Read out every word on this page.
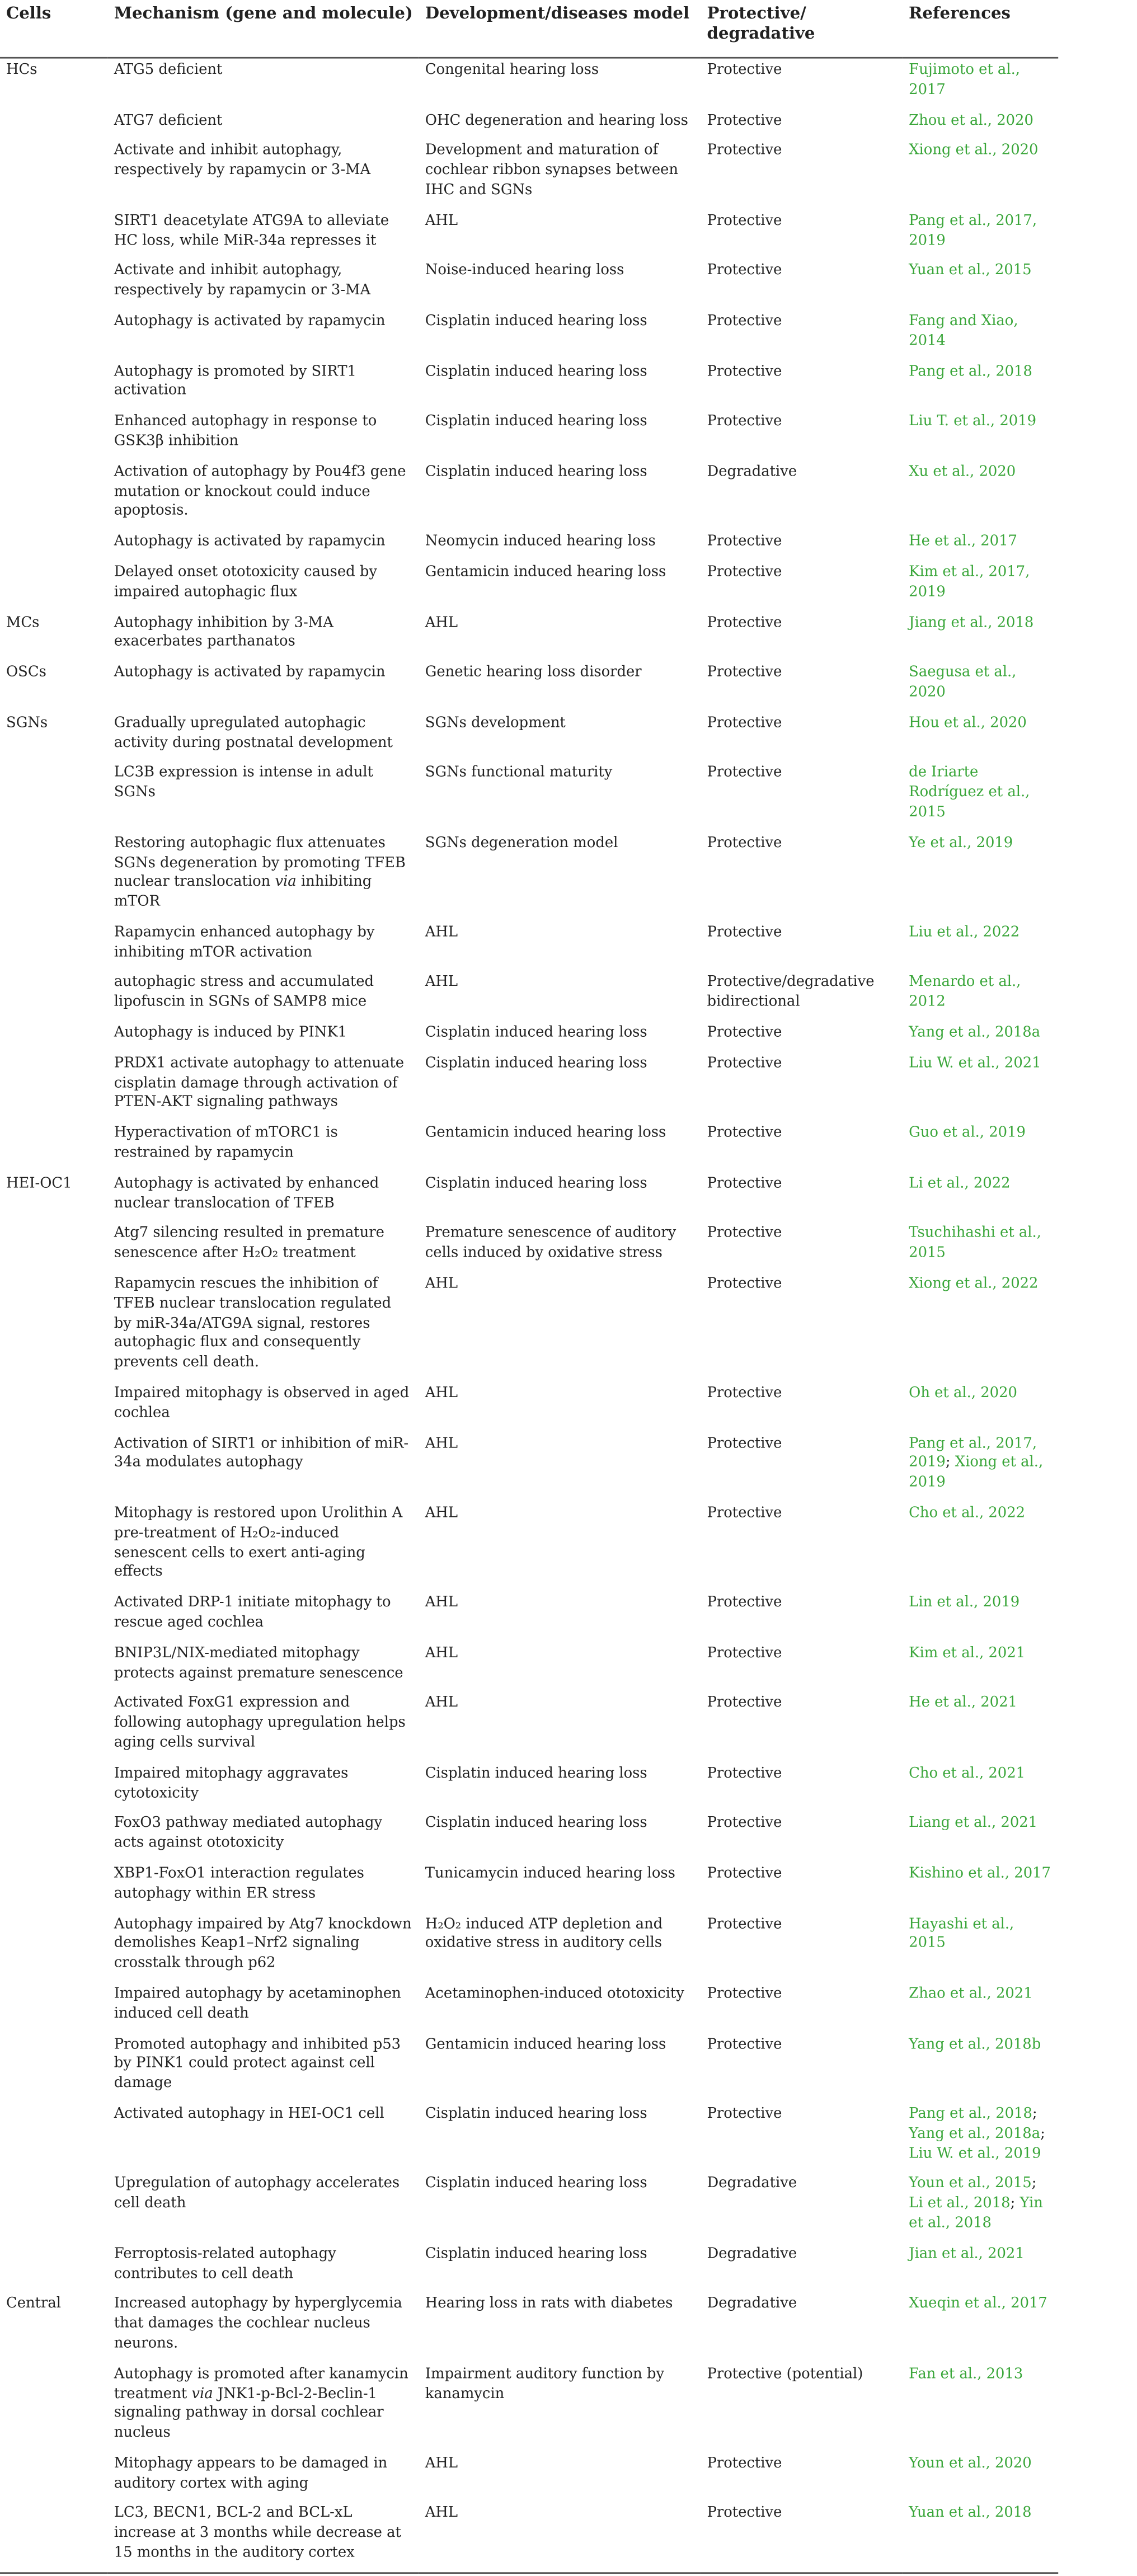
Cells	Mechanism (gene and molecule)	Development/diseases model	Protective/ degradative	References
HCs	ATG5 deficient	Congenital hearing loss	Protective	Fujimoto et al., 2017
	ATG7 deficient	OHC degeneration and hearing loss	Protective	Zhou et al., 2020
	Activate and inhibit autophagy, respectively by rapamycin or 3-MA	Development and maturation of cochlear ribbon synapses between IHC and SGNs	Protective	Xiong et al., 2020
	SIRT1 deacetylate ATG9A to alleviate HC loss, while MiR-34a represses it	AHL	Protective	Pang et al., 2017, 2019
	Activate and inhibit autophagy, respectively by rapamycin or 3-MA	Noise-induced hearing loss	Protective	Yuan et al., 2015
	Autophagy is activated by rapamycin	Cisplatin induced hearing loss	Protective	Fang and Xiao, 2014
	Autophagy is promoted by SIRT1 activation	Cisplatin induced hearing loss	Protective	Pang et al., 2018
	Enhanced autophagy in response to GSK3β inhibition	Cisplatin induced hearing loss	Protective	Liu T. et al., 2019
	Activation of autophagy by Pou4f3 gene mutation or knockout could induce apoptosis.	Cisplatin induced hearing loss	Degradative	Xu et al., 2020
	Autophagy is activated by rapamycin	Neomycin induced hearing loss	Protective	He et al., 2017
	Delayed onset ototoxicity caused by impaired autophagic flux	Gentamicin induced hearing loss	Protective	Kim et al., 2017, 2019
MCs	Autophagy inhibition by 3-MA exacerbates parthanatos	AHL	Protective	Jiang et al., 2018
OSCs	Autophagy is activated by rapamycin	Genetic hearing loss disorder	Protective	Saegusa et al., 2020
SGNs	Gradually upregulated autophagic activity during postnatal development	SGNs development	Protective	Hou et al., 2020
	LC3B expression is intense in adult SGNs	SGNs functional maturity	Protective	de Iriarte Rodríguez et al., 2015
	Restoring autophagic flux attenuates SGNs degeneration by promoting TFEB nuclear translocation via inhibiting mTOR	SGNs degeneration model	Protective	Ye et al., 2019
	Rapamycin enhanced autophagy by inhibiting mTOR activation	AHL	Protective	Liu et al., 2022
	autophagic stress and accumulated lipofuscin in SGNs of SAMP8 mice	AHL	Protective/degradative bidirectional	Menardo et al., 2012
	Autophagy is induced by PINK1	Cisplatin induced hearing loss	Protective	Yang et al., 2018a
	PRDX1 activate autophagy to attenuate cisplatin damage through activation of PTEN-AKT signaling pathways	Cisplatin induced hearing loss	Protective	Liu W. et al., 2021
	Hyperactivation of mTORC1 is restrained by rapamycin	Gentamicin induced hearing loss	Protective	Guo et al., 2019
HEI-OC1	Autophagy is activated by enhanced nuclear translocation of TFEB	Cisplatin induced hearing loss	Protective	Li et al., 2022
	Atg7 silencing resulted in premature senescence after H₂O₂ treatment	Premature senescence of auditory cells induced by oxidative stress	Protective	Tsuchihashi et al., 2015
	Rapamycin rescues the inhibition of TFEB nuclear translocation regulated by miR-34a/ATG9A signal, restores autophagic flux and consequently prevents cell death.	AHL	Protective	Xiong et al., 2022
	Impaired mitophagy is observed in aged cochlea	AHL	Protective	Oh et al., 2020
	Activation of SIRT1 or inhibition of miR-34a modulates autophagy	AHL	Protective	Pang et al., 2017, 2019; Xiong et al., 2019
	Mitophagy is restored upon Urolithin A pre-treatment of H₂O₂-induced senescent cells to exert anti-aging effects	AHL	Protective	Cho et al., 2022
	Activated DRP-1 initiate mitophagy to rescue aged cochlea	AHL	Protective	Lin et al., 2019
	BNIP3L/NIX-mediated mitophagy protects against premature senescence	AHL	Protective	Kim et al., 2021
	Activated FoxG1 expression and following autophagy upregulation helps aging cells survival	AHL	Protective	He et al., 2021
	Impaired mitophagy aggravates cytotoxicity	Cisplatin induced hearing loss	Protective	Cho et al., 2021
	FoxO3 pathway mediated autophagy acts against ototoxicity	Cisplatin induced hearing loss	Protective	Liang et al., 2021
	XBP1-FoxO1 interaction regulates autophagy within ER stress	Tunicamycin induced hearing loss	Protective	Kishino et al., 2017
	Autophagy impaired by Atg7 knockdown demolishes Keap1–Nrf2 signaling crosstalk through p62	H₂O₂ induced ATP depletion and oxidative stress in auditory cells	Protective	Hayashi et al., 2015
	Impaired autophagy by acetaminophen induced cell death	Acetaminophen-induced ototoxicity	Protective	Zhao et al., 2021
	Promoted autophagy and inhibited p53 by PINK1 could protect against cell damage	Gentamicin induced hearing loss	Protective	Yang et al., 2018b
	Activated autophagy in HEI-OC1 cell	Cisplatin induced hearing loss	Protective	Pang et al., 2018; Yang et al., 2018a; Liu W. et al., 2019
	Upregulation of autophagy accelerates cell death	Cisplatin induced hearing loss	Degradative	Youn et al., 2015; Li et al., 2018; Yin et al., 2018
	Ferroptosis-related autophagy contributes to cell death	Cisplatin induced hearing loss	Degradative	Jian et al., 2021
Central	Increased autophagy by hyperglycemia that damages the cochlear nucleus neurons.	Hearing loss in rats with diabetes	Degradative	Xueqin et al., 2017
	Autophagy is promoted after kanamycin treatment via JNK1-p-Bcl-2-Beclin-1 signaling pathway in dorsal cochlear nucleus	Impairment auditory function by kanamycin	Protective (potential)	Fan et al., 2013
	Mitophagy appears to be damaged in auditory cortex with aging	AHL	Protective	Youn et al., 2020
	LC3, BECN1, BCL-2 and BCL-xL increase at 3 months while decrease at 15 months in the auditory cortex	AHL	Protective	Yuan et al., 2018
